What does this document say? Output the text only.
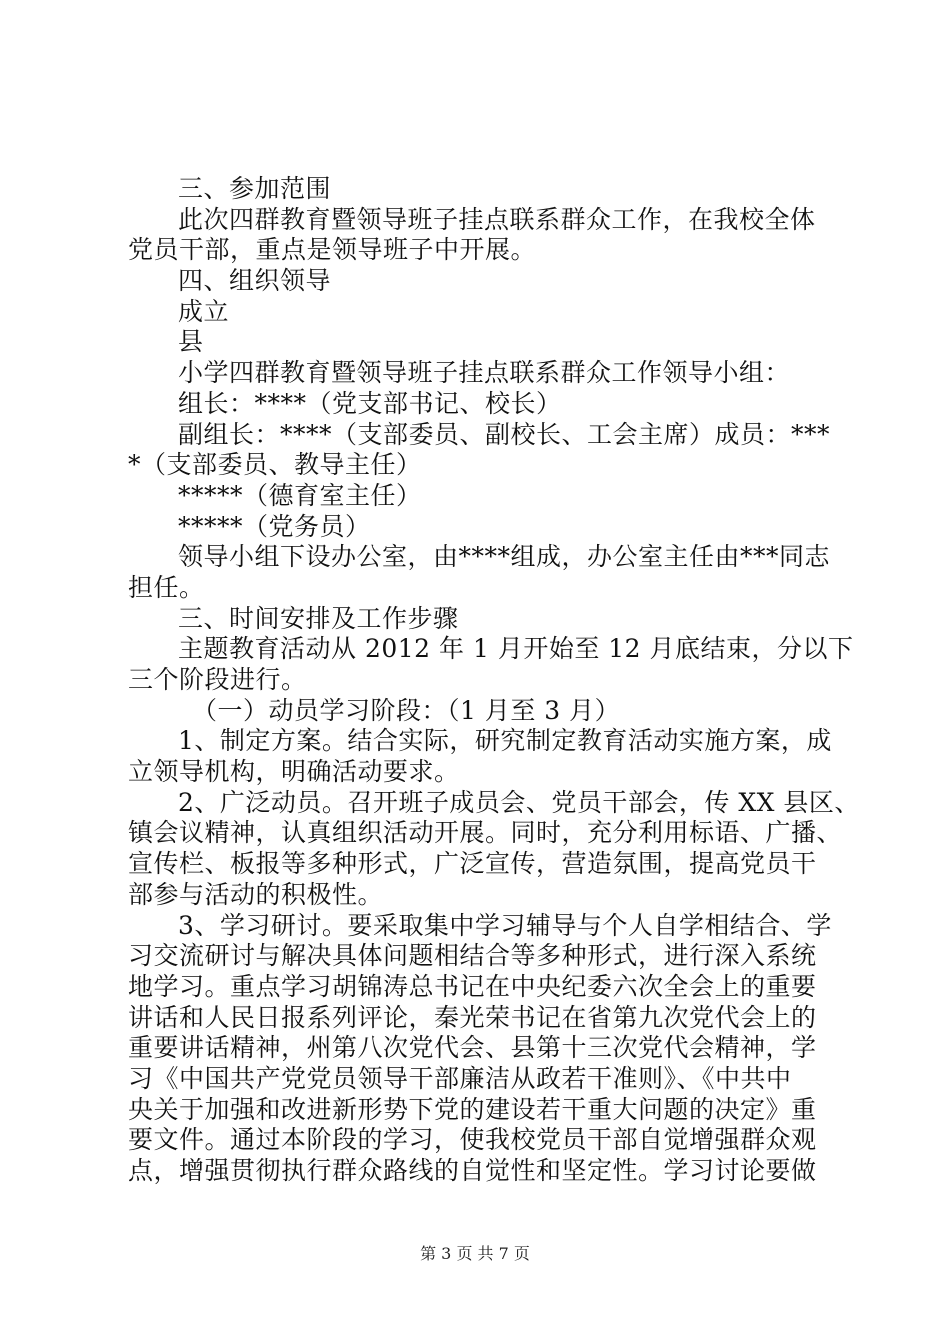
三、参加范围
此次四群教育暨领导班子挂点联系群众工作，在我校全体
党员干部，重点是领导班子中开展。
四、组织领导
成立
县
小学四群教育暨领导班子挂点联系群众工作领导小组：
组长：****（党支部书记、校长）
副组长：****（支部委员、副校长、工会主席）成员：***
*（支部委员、教导主任）
*****（德育室主任）
*****（党务员）
领导小组下设办公室，由****组成，办公室主任由***同志
担任。
三、时间安排及工作步骤
主题教育活动从 2012 年 1 月开始至 12 月底结束，分以下
三个阶段进行。
（一）动员学习阶段：（1 月至 3 月）
1、制定方案。结合实际，研究制定教育活动实施方案，成
立领导机构，明确活动要求。
2、广泛动员。召开班子成员会、党员干部会，传 XX 县区、
镇会议精神，认真组织活动开展。同时，充分利用标语、广播、
宣传栏、板报等多种形式，广泛宣传，营造氛围，提高党员干
部参与活动的积极性。
3、学习研讨。要采取集中学习辅导与个人自学相结合、学
习交流研讨与解决具体问题相结合等多种形式，进行深入系统
地学习。重点学习胡锦涛总书记在中央纪委六次全会上的重要
讲话和人民日报系列评论，秦光荣书记在省第九次党代会上的
重要讲话精神，州第八次党代会、县第十三次党代会精神，学
习《中国共产党党员领导干部廉洁从政若干准则》、《中共中
央关于加强和改进新形势下党的建设若干重大问题的决定》重
要文件。通过本阶段的学习，使我校党员干部自觉增强群众观
点，增强贯彻执行群众路线的自觉性和坚定性。学习讨论要做
第 3 页 共 7 页
